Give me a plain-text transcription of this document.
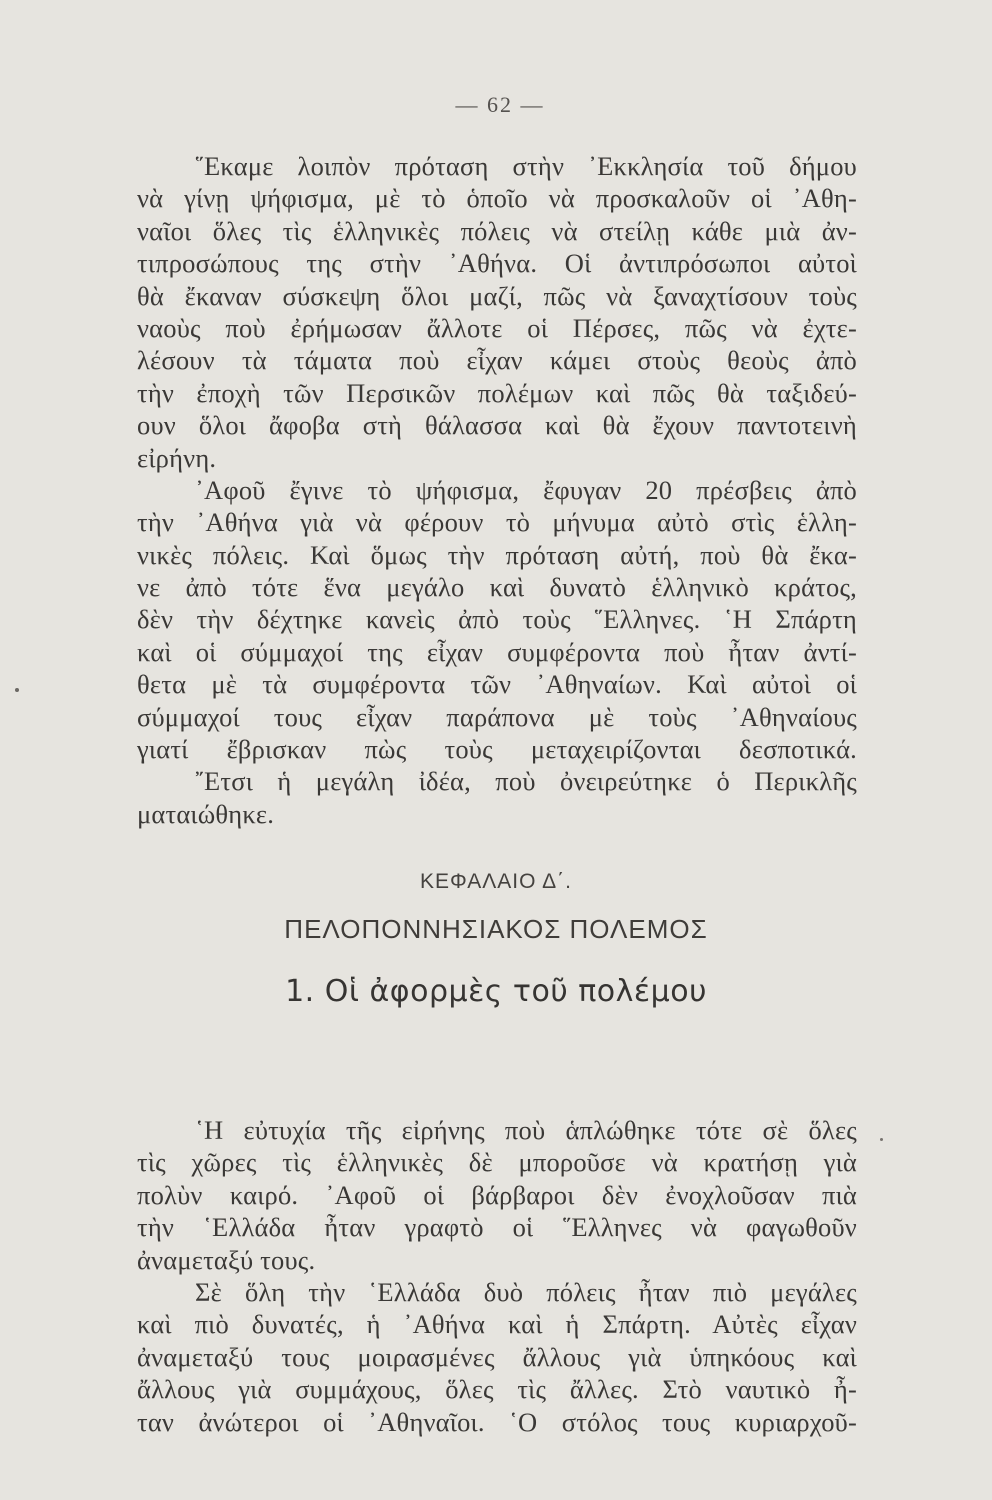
— 62 —
῞Εκαμε λοιπὸν πρόταση στὴν ᾿Εκκλησία τοῦ δήμου
νὰ γίνῃ ψήφισμα, μὲ τὸ ὁποῖο νὰ προσκαλοῦν οἱ ᾿Αθη-
ναῖοι ὅλες τὶς ἑλληνικὲς πόλεις νὰ στείλῃ κάθε μιὰ ἀν-
τιπροσώπους της στὴν ᾿Αθήνα. Οἱ ἀντιπρόσωποι αὐτοὶ
θὰ ἔκαναν σύσκεψη ὅλοι μαζί, πῶς νὰ ξαναχτίσουν τοὺς
ναοὺς ποὺ ἐρήμωσαν ἄλλοτε οἱ Πέρσες, πῶς νὰ ἐχτε-
λέσουν τὰ τάματα ποὺ εἶχαν κάμει στοὺς θεοὺς ἀπὸ
τὴν ἐποχὴ τῶν Περσικῶν πολέμων καὶ πῶς θὰ ταξιδεύ-
ουν ὅλοι ἄφοβα στὴ θάλασσα καὶ θὰ ἔχουν παντοτεινὴ
εἰρήνη.
᾿Αφοῦ ἔγινε τὸ ψήφισμα, ἔφυγαν 20 πρέσβεις ἀπὸ
τὴν ᾿Αθήνα γιὰ νὰ φέρουν τὸ μήνυμα αὐτὸ στὶς ἑλλη-
νικὲς πόλεις. Καὶ ὅμως τὴν πρόταση αὐτή, ποὺ θὰ ἔκα-
νε ἀπὸ τότε ἕνα μεγάλο καὶ δυνατὸ ἑλληνικὸ κράτος,
δὲν τὴν δέχτηκε κανεὶς ἀπὸ τοὺς ῞Ελληνες. ῾Η Σπάρτη
καὶ οἱ σύμμαχοί της εἶχαν συμφέροντα ποὺ ἦταν ἀντί-
θετα μὲ τὰ συμφέροντα τῶν ᾿Αθηναίων. Καὶ αὐτοὶ οἱ
σύμμαχοί τους εἶχαν παράπονα μὲ τοὺς ᾿Αθηναίους
γιατί ἔβρισκαν πὼς τοὺς μεταχειρίζονται δεσποτικά.
῎Ετσι ἡ μεγάλη ἰδέα, ποὺ ὀνειρεύτηκε ὁ Περικλῆς
ματαιώθηκε.
ΚΕΦΑΛΑΙΟ Δ΄.
ΠΕΛΟΠΟΝΝΗΣΙΑΚΟΣ ΠΟΛΕΜΟΣ
1. Οἱ ἀφορμὲς τοῦ πολέμου
῾Η εὐτυχία τῆς εἰρήνης ποὺ ἁπλώθηκε τότε σὲ ὅλες
τὶς χῶρες τὶς ἑλληνικὲς δὲ μποροῦσε νὰ κρατήσῃ γιὰ
πολὺν καιρό. ᾿Αφοῦ οἱ βάρβαροι δὲν ἐνοχλοῦσαν πιὰ
τὴν ῾Ελλάδα ἦταν γραφτὸ οἱ ῞Ελληνες νὰ φαγωθοῦν
ἀναμεταξύ τους.
Σὲ ὅλη τὴν ῾Ελλάδα δυὸ πόλεις ἦταν πιὸ μεγάλες
καὶ πιὸ δυνατές, ἡ ᾿Αθήνα καὶ ἡ Σπάρτη. Αὐτὲς εἶχαν
ἀναμεταξύ τους μοιρασμένες ἄλλους γιὰ ὑπηκόους καὶ
ἄλλους γιὰ συμμάχους, ὅλες τὶς ἄλλες. Στὸ ναυτικὸ ἦ-
ταν ἀνώτεροι οἱ ᾿Αθηναῖοι. ῾Ο στόλος τους κυριαρχοῦ-
